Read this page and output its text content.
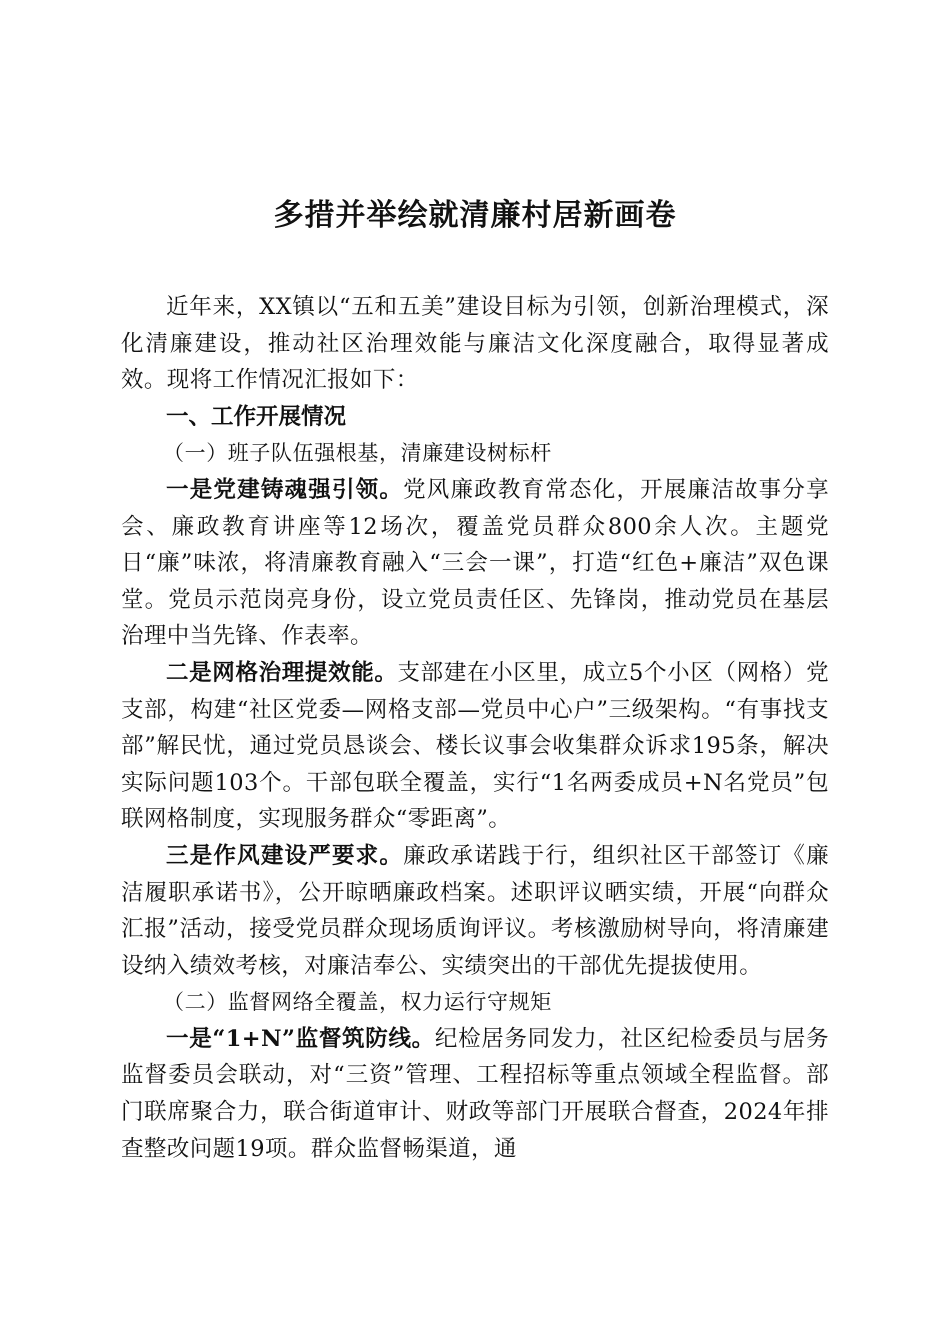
多措并举绘就清廉村居新画卷

近年来，XX镇以“五和五美”建设目标为引领，创新治理模式，深化清廉建设，推动社区治理效能与廉洁文化深度融合，取得显著成效。现将工作情况汇报如下：

一、工作开展情况

（一）班子队伍强根基，清廉建设树标杆

一是党建铸魂强引领。党风廉政教育常态化，开展廉洁故事分享会、廉政教育讲座等12场次，覆盖党员群众800余人次。主题党日“廉”味浓，将清廉教育融入“三会一课”，打造“红色+廉洁”双色课堂。党员示范岗亮身份，设立党员责任区、先锋岗，推动党员在基层治理中当先锋、作表率。

二是网格治理提效能。支部建在小区里，成立5个小区（网格）党支部，构建“社区党委—网格支部—党员中心户”三级架构。“有事找支部”解民忧，通过党员恳谈会、楼长议事会收集群众诉求195条，解决实际问题103个。干部包联全覆盖，实行“1名两委成员+N名党员”包联网格制度，实现服务群众“零距离”。

三是作风建设严要求。廉政承诺践于行，组织社区干部签订《廉洁履职承诺书》，公开晾晒廉政档案。述职评议晒实绩，开展“向群众汇报”活动，接受党员群众现场质询评议。考核激励树导向，将清廉建设纳入绩效考核，对廉洁奉公、实绩突出的干部优先提拔使用。

（二）监督网络全覆盖，权力运行守规矩

一是“1+N”监督筑防线。纪检居务同发力，社区纪检委员与居务监督委员会联动，对“三资”管理、工程招标等重点领域全程监督。部门联席聚合力，联合街道审计、财政等部门开展联合督查，2024年排查整改问题19项。群众监督畅渠道，通
